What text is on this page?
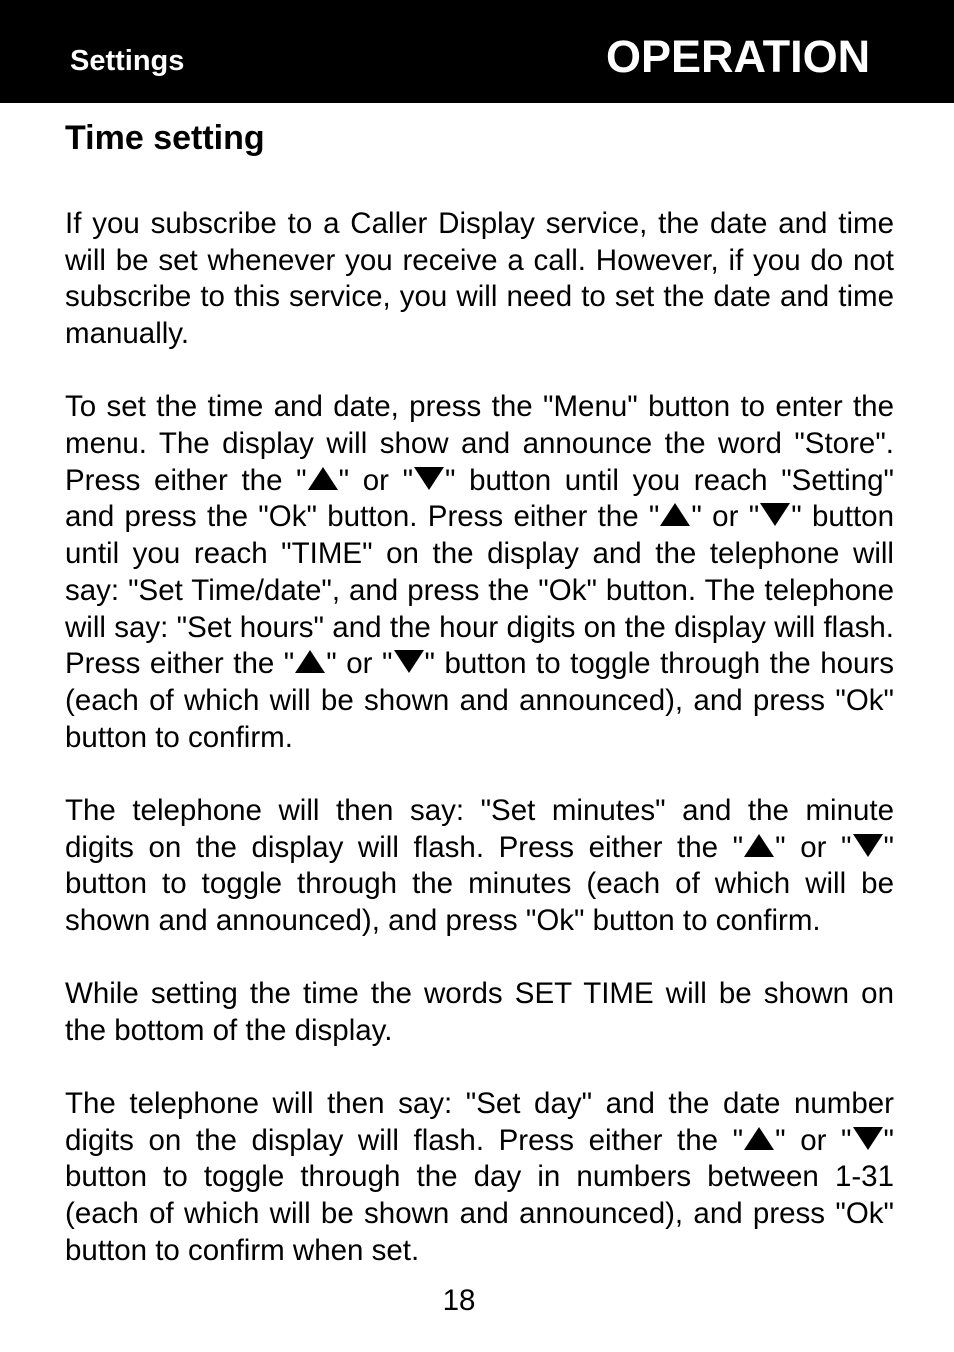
Settings	OPERATION
Time setting

If you subscribe to a Caller Display service, the date and time will be set whenever you receive a call. However, if you do not subscribe to this service, you will need to set the date and time manually.

To set the time and date, press the "Menu" button to enter the menu. The display will show and announce the word "Store". Press either the " " or " " button until you reach "Setting" and press the "Ok" button. Press either the " " or " " button until you reach "TIME" on the display and the telephone will say: "Set Time/date", and press the "Ok" button. The telephone will say: "Set hours" and the hour digits on the display will flash. Press either the " " or " " button to toggle through the hours (each of which will be shown and announced), and press "Ok" button to confirm.

The telephone will then say: "Set minutes" and the minute digits on the display will flash. Press either the " " or " " button to toggle through the minutes (each of which will be shown and announced), and press "Ok" button to confirm.

While setting the time the words SET TIME will be shown on the bottom of the display.

The telephone will then say: "Set day" and the date number digits on the display will flash. Press either the " " or " " button to toggle through the day in numbers between 1-31 (each of which will be shown and announced), and press "Ok" button to confirm when set.

18
